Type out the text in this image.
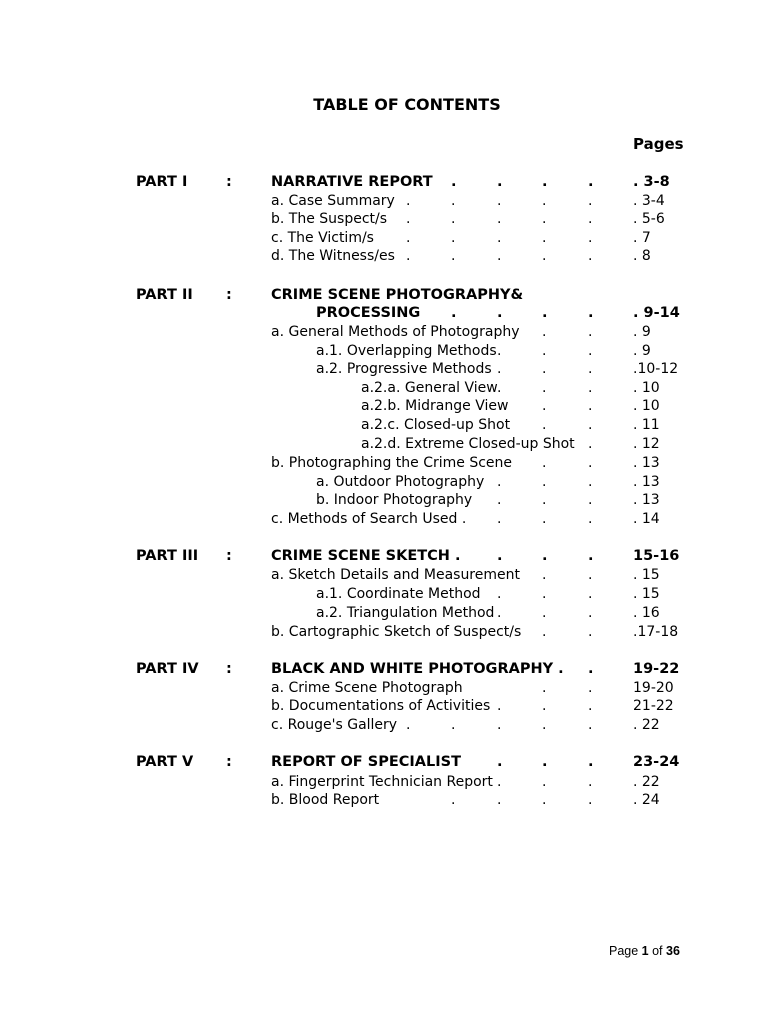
TABLE OF CONTENTS
Pages
PART I	:	NARRATIVE REPORT .	.	.	.	. 3-8
a. Case Summary .	.	.	.	.	. 3-4
b. The Suspect/s .	.	.	.	.	. 5-6
c. The Victim/s .	.	.	.	.	. 7
d. The Witness/es .	.	.	.	.	. 8
PART II :	CRIME SCENE PHOTOGRAPHY&
PROCESSING .	.	.	.	. 9-14
a. General Methods of Photography .	.	. 9
a.1. Overlapping Methods .	.	.	. 9
a.2. Progressive Methods .	.	.	.10-12
a.2.a. General View .	.	.	. 10
a.2.b. Midrange View .	.	. 10
a.2.c. Closed-up Shot .	.	. 11
a.2.d. Extreme Closed-up Shot .	. 12
b. Photographing the Crime Scene .	.	. 13
a. Outdoor Photography .	.	.	. 13
b. Indoor Photography .	.	.	. 13
c. Methods of Search Used . .	.	.	. 14
PART III :	CRIME SCENE SKETCH .	.	.	.	15-16
a. Sketch Details and Measurement .	.	. 15
a.1. Coordinate Method .	.	.	. 15
a.2. Triangulation Method .	.	.	. 16
b. Cartographic Sketch of Suspect/s .	.	.17-18
PART IV :	BLACK AND WHITE PHOTOGRAPHY . .	19-22
a. Crime Scene Photograph	.	.	19-20
b. Documentations of Activities .	.	.	21-22
c. Rouge's Gallery .	.	.	.	.	. 22
PART V :	REPORT OF SPECIALIST .	.	.	23-24
a. Fingerprint Technician Report .	.	.	. 22
b. Blood Report	.	.	.	.	. 24
Page 1 of 36
